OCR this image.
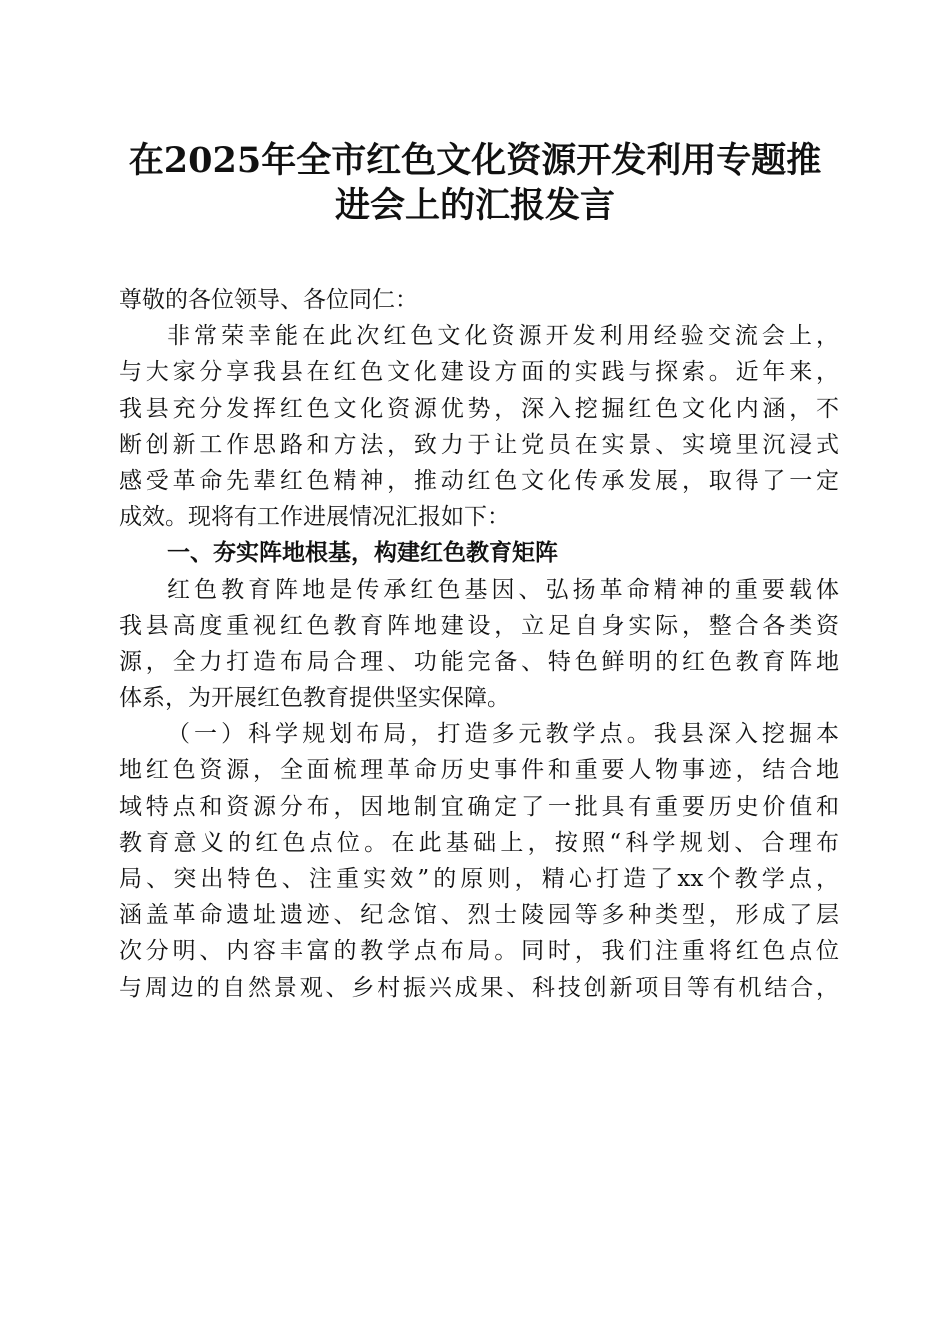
在2025年全市红色文化资源开发利用专题推
进会上的汇报发言
尊敬的各位领导、各位同仁：
非常荣幸能在此次红色文化资源开发利用经验交流会上，
与大家分享我县在红色文化建设方面的实践与探索。近年来，
我县充分发挥红色文化资源优势，深入挖掘红色文化内涵，不
断创新工作思路和方法，致力于让党员在实景、实境里沉浸式
感受革命先辈红色精神，推动红色文化传承发展，取得了一定
成效。现将有工作进展情况汇报如下：
一、夯实阵地根基，构建红色教育矩阵
红色教育阵地是传承红色基因、弘扬革命精神的重要载体
我县高度重视红色教育阵地建设，立足自身实际，整合各类资
源，全力打造布局合理、功能完备、特色鲜明的红色教育阵地
体系，为开展红色教育提供坚实保障。
（一）科学规划布局，打造多元教学点。我县深入挖掘本
地红色资源，全面梳理革命历史事件和重要人物事迹，结合地
域特点和资源分布，因地制宜确定了一批具有重要历史价值和
教育意义的红色点位。在此基础上，按照“科学规划、合理布
局、突出特色、注重实效”的原则，精心打造了xx个教学点，
涵盖革命遗址遗迹、纪念馆、烈士陵园等多种类型，形成了层
次分明、内容丰富的教学点布局。同时，我们注重将红色点位
与周边的自然景观、乡村振兴成果、科技创新项目等有机结合，
